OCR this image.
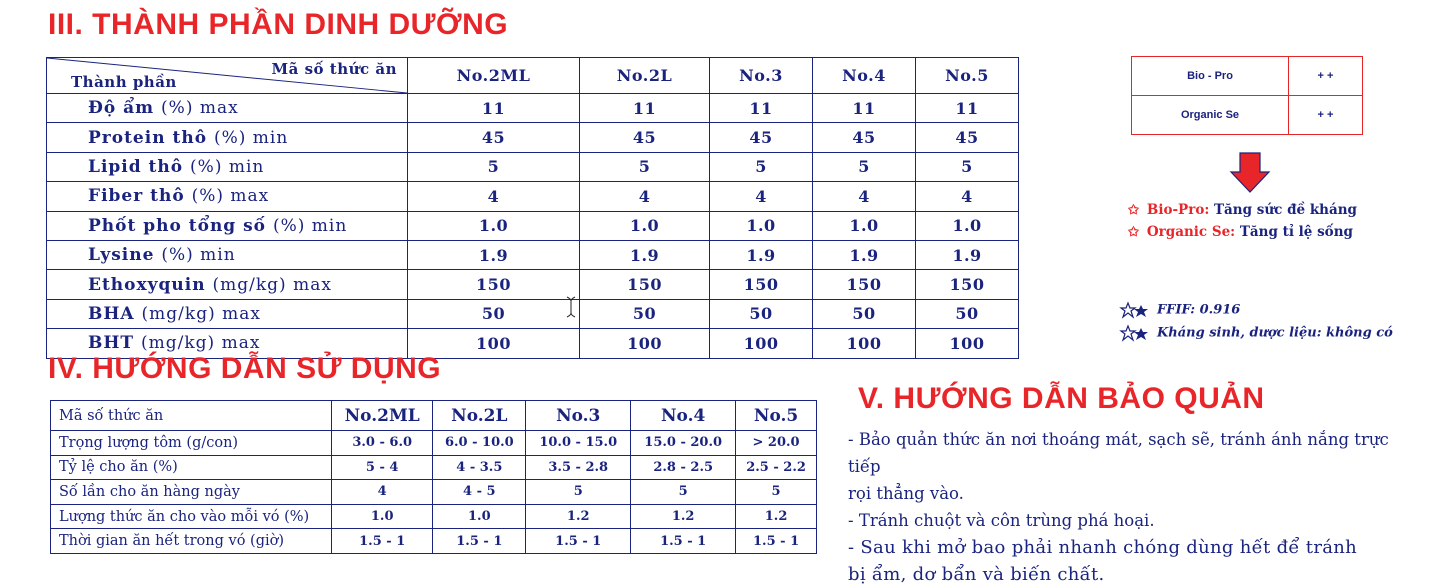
III. THÀNH PHẦN DINH DƯỠNG
Mã số thức ăn
Thành phần	No.2ML	No.2L	No.3	No.4	No.5
Độ ẩm (%) max	11	11	11	11	11
Protein thô (%) min	45	45	45	45	45
Lipid thô (%) min	5	5	5	5	5
Fiber thô (%) max	4	4	4	4	4
Phốt pho tổng số (%) min	1.0	1.0	1.0	1.0	1.0
Lysine (%) min	1.9	1.9	1.9	1.9	1.9
Ethoxyquin (mg/kg) max	150	150	150	150	150
BHA (mg/kg) max	50	50	50	50	50
BHT (mg/kg) max	100	100	100	100	100
Bio - Pro	+ +
Organic Se	+ +
✩ Bio-Pro: Tăng sức đề kháng
✩ Organic Se: Tăng tỉ lệ sống
FFIF: 0.916
Kháng sinh, dược liệu: không có
IV. HƯỚNG DẪN SỬ DỤNG
Mã số thức ăn	No.2ML	No.2L	No.3	No.4	No.5
Trọng lượng tôm (g/con)	3.0 - 6.0	6.0 - 10.0	10.0 - 15.0	15.0 - 20.0	> 20.0
Tỷ lệ cho ăn (%)	5 - 4	4 - 3.5	3.5 - 2.8	2.8 - 2.5	2.5 - 2.2
Số lần cho ăn hàng ngày	4	4 - 5	5	5	5
Lượng thức ăn cho vào mỗi vó (%)	1.0	1.0	1.2	1.2	1.2
Thời gian ăn hết trong vó (giờ)	1.5 - 1	1.5 - 1	1.5 - 1	1.5 - 1	1.5 - 1
V. HƯỚNG DẪN BẢO QUẢN

- Bảo quản thức ăn nơi thoáng mát, sạch sẽ, tránh ánh nắng trực tiếp

rọi thẳng vào.

- Tránh chuột và côn trùng phá hoại.

- Sau khi mở bao phải nhanh chóng dùng hết để tránh

bị ẩm, dơ bẩn và biến chất.
